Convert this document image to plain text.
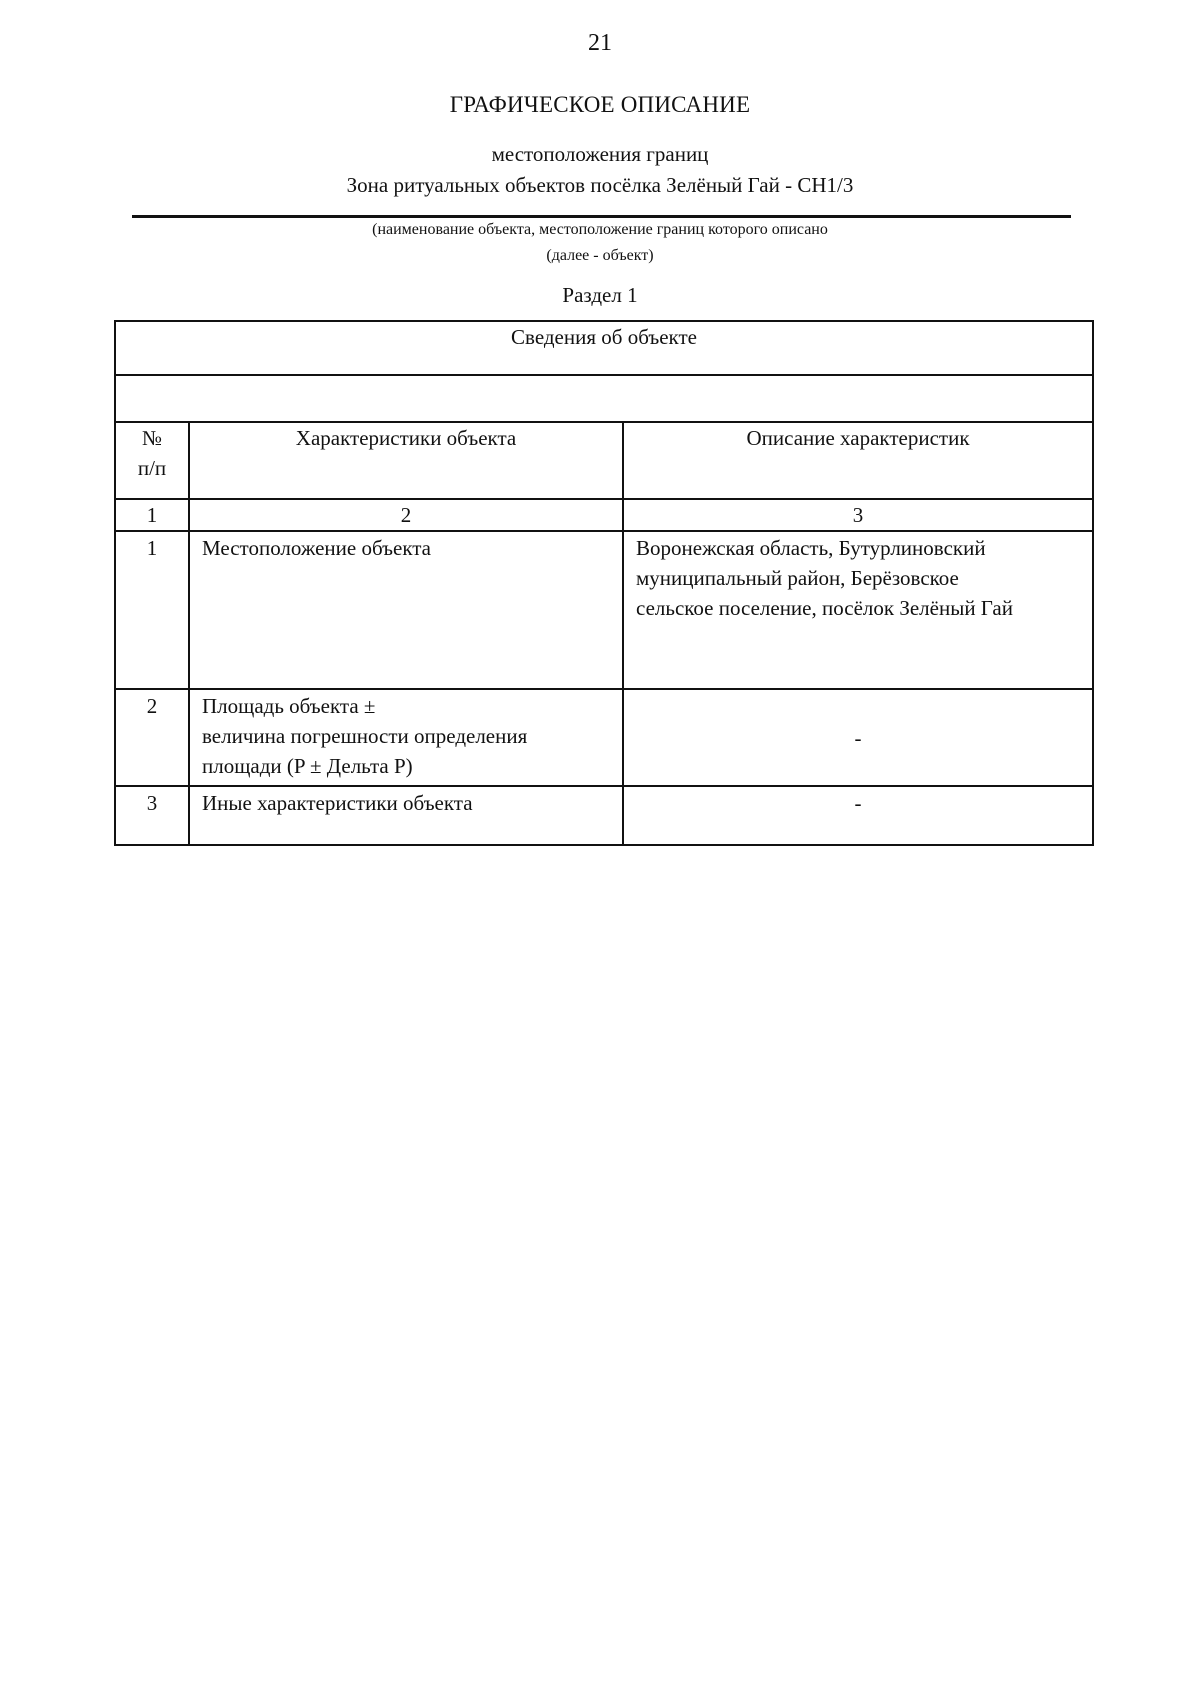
21
ГРАФИЧЕСКОЕ ОПИСАНИЕ
местоположения границ
Зона ритуальных объектов посёлка Зелёный Гай - СН1/3
(наименование объекта, местоположение границ которого описано
(далее - объект)
Раздел 1
Сведения об объекте		

№
п/п	Характеристики объекта	Описание характеристик
1	2	3
1	Местоположение объекта	Воронежская область, Бутурлиновский
муниципальный район, Берёзовское
сельское поселение, посёлок Зелёный Гай

2	Площадь объекта ±
величина погрешности определения
площади (P ± Дельта P)	-

3	Иные характеристики объекта	-
